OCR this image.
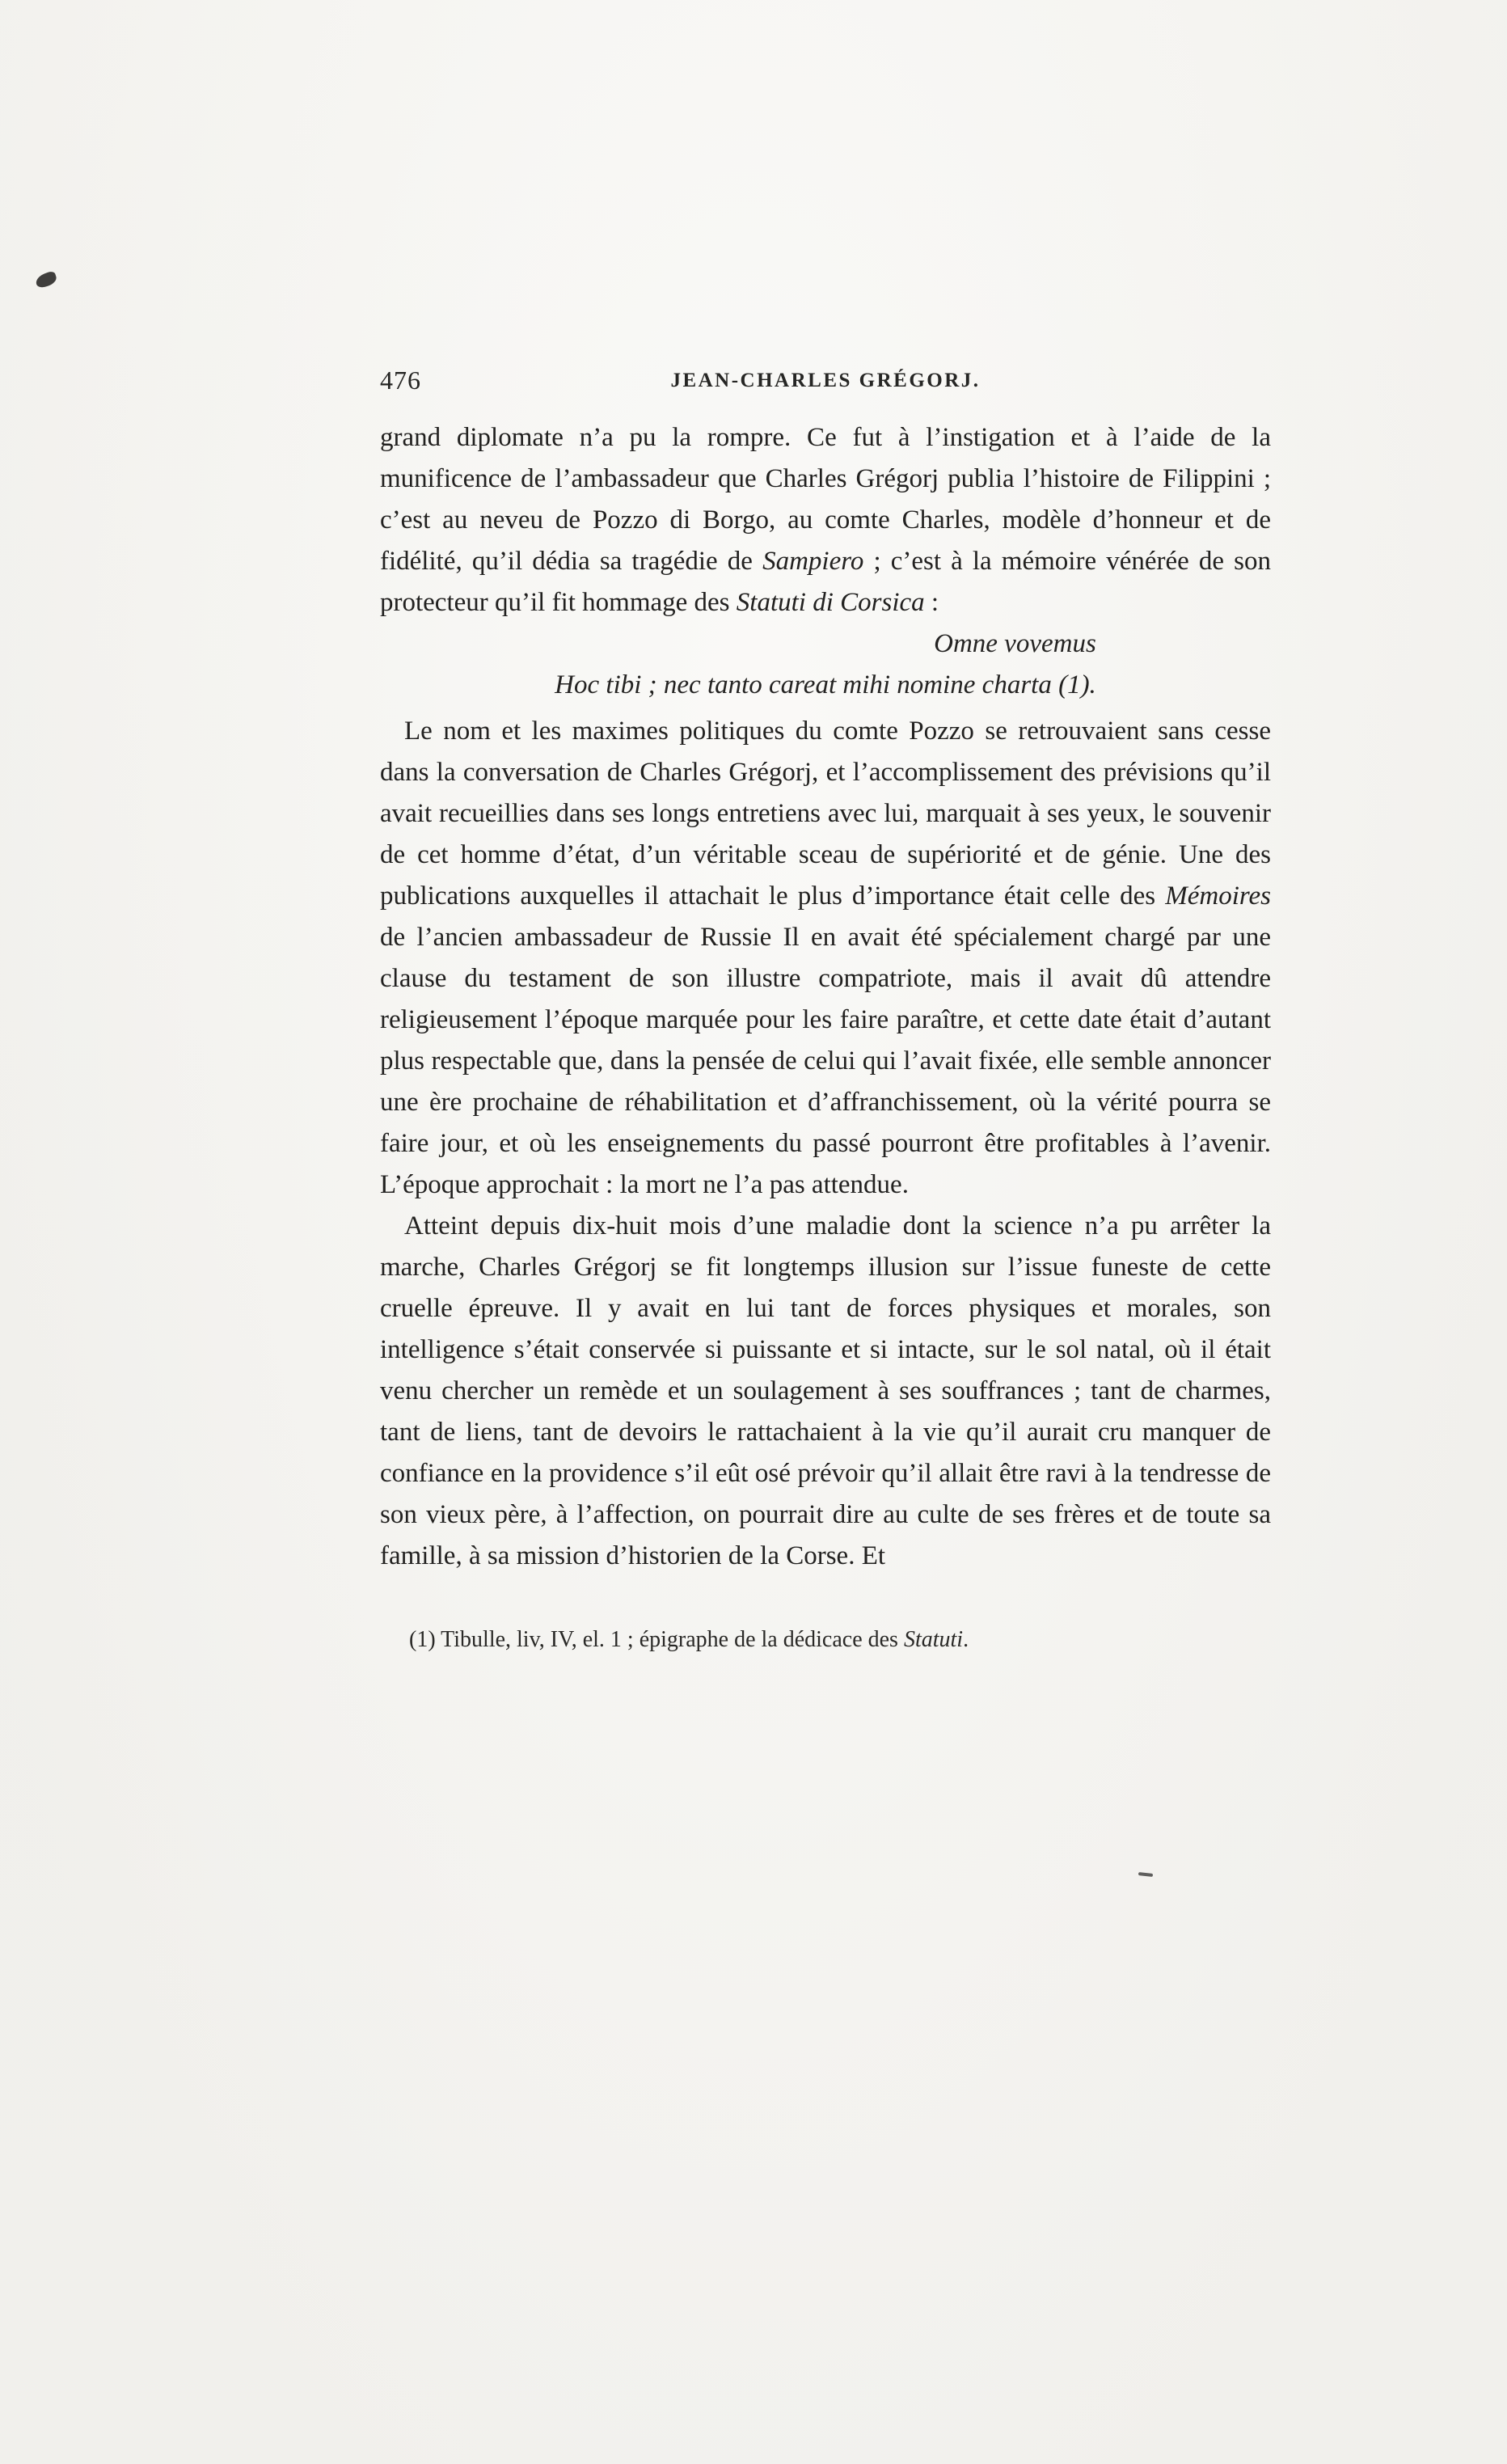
476	JEAN-CHARLES GRÉGORJ.

grand diplomate n’a pu la rompre. Ce fut à l’instigation et à l’aide de la munificence de l’ambassadeur que Charles Grégorj publia l’histoire de Filippini ; c’est au neveu de Pozzo di Borgo, au comte Charles, modèle d’honneur et de fidélité, qu’il dédia sa tragédie de Sampiero ; c’est à la mémoire vénérée de son protecteur qu’il fit hommage des Statuti di Corsica :

Omne vovemus
Hoc tibi ; nec tanto careat mihi nomine charta (1).

Le nom et les maximes politiques du comte Pozzo se retrouvaient sans cesse dans la conversation de Charles Grégorj, et l’accomplissement des prévisions qu’il avait recueillies dans ses longs entretiens avec lui, marquait à ses yeux, le souvenir de cet homme d’état, d’un véritable sceau de supériorité et de génie. Une des publications auxquelles il attachait le plus d’importance était celle des Mémoires de l’ancien ambassadeur de Russie Il en avait été spécialement chargé par une clause du testament de son illustre compatriote, mais il avait dû attendre religieusement l’époque marquée pour les faire paraître, et cette date était d’autant plus respectable que, dans la pensée de celui qui l’avait fixée, elle semble annoncer une ère prochaine de réhabilitation et d’affranchissement, où la vérité pourra se faire jour, et où les enseignements du passé pourront être profitables à l’avenir. L’époque approchait : la mort ne l’a pas attendue.

Atteint depuis dix-huit mois d’une maladie dont la science n’a pu arrêter la marche, Charles Grégorj se fit longtemps illusion sur l’issue funeste de cette cruelle épreuve. Il y avait en lui tant de forces physiques et morales, son intelligence s’était conservée si puissante et si intacte, sur le sol natal, où il était venu chercher un remède et un soulagement à ses souffrances ; tant de charmes, tant de liens, tant de devoirs le rattachaient à la vie qu’il aurait cru manquer de confiance en la providence s’il eût osé prévoir qu’il allait être ravi à la tendresse de son vieux père, à l’affection, on pourrait dire au culte de ses frères et de toute sa famille, à sa mission d’historien de la Corse. Et

(1) Tibulle, liv, IV, el. 1 ; épigraphe de la dédicace des Statuti.
